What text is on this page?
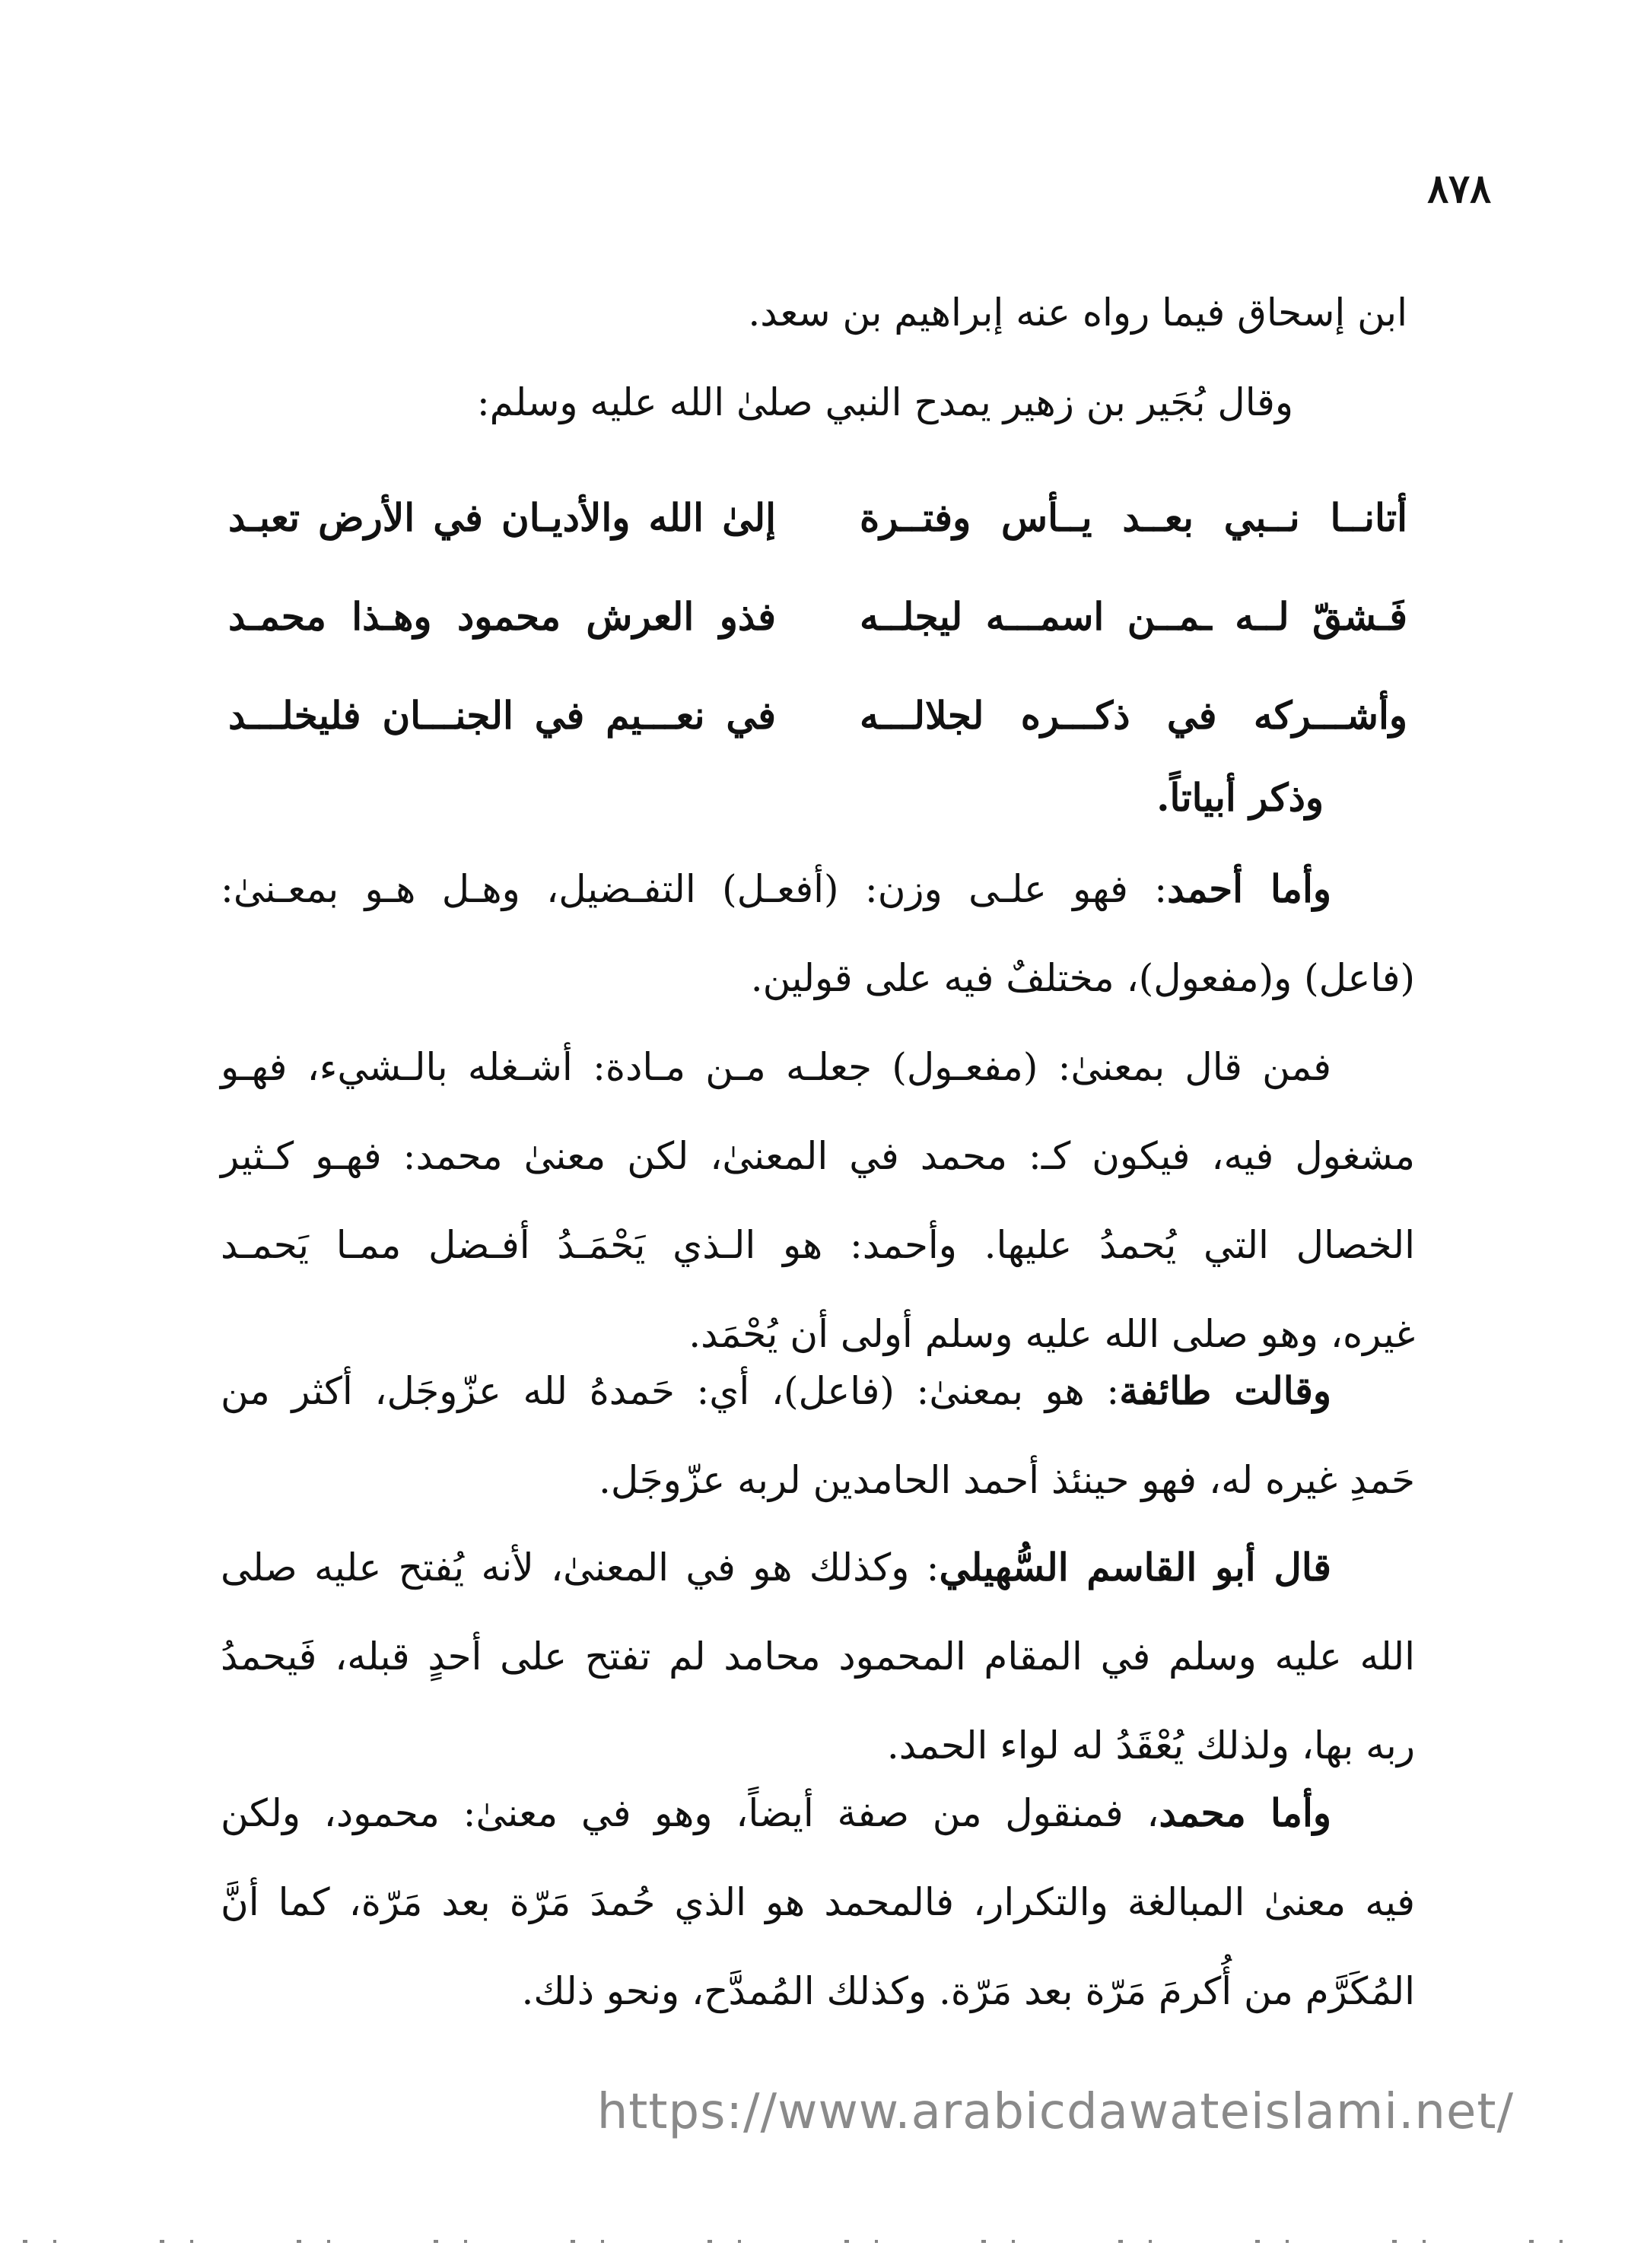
٨٧٨
ابن إسحاق فيما رواه عنه إبراهيم بن سعد.
وقال بُجَير بن زهير يمدح النبي صلىٰ الله عليه وسلم:
أتانــا نــبي بعــد يــأس وفتــرة
إلىٰ الله والأديـان في الأرض تعبـد
فَـشقّ لــه ـمــن اسمـــه ليجلــه
فذو العرش محمود وهـذا محمـد
وأشـــركه في ذكـــره لجلالـــه
في نعـــيم في الجنـــان فليخلـــد
وذكر أبياتاً.
وأما أحمد: فهو علـى وزن: (أفعـل) التفـضيل، وهـل هـو بمعـنىٰ:
(فاعل) و(مفعول)، مختلفٌ فيه على قولين.
فمن قال بمعنىٰ: (مفعـول) جعلـه مـن مـادة: أشـغله بالـشيء، فهـو
مشغول فيه، فيكون كـ: محمد في المعنىٰ، لكن معنىٰ محمد: فهـو كـثير
الخصال التي يُحمدُ عليها. وأحمد: هو الـذي يَحْمَـدُ أفـضل ممـا يَحمـد
غيره، وهو صلى الله عليه وسلم أولى أن يُحْمَد.
وقالت طائفة: هو بمعنىٰ: (فاعل)، أي: حَمدهُ لله عزّوجَل، أكثر من
حَمدِ غيره له، فهو حينئذ أحمد الحامدين لربه عزّوجَل.
قال أبو القاسم السُّهيلي: وكذلك هو في المعنىٰ، لأنه يُفتح عليه صلى
الله عليه وسلم في المقام المحمود محامد لم تفتح على أحدٍ قبله، فَيحمدُ
ربه بها، ولذلك يُعْقَدُ له لواء الحمد.
وأما محمد، فمنقول من صفة أيضاً، وهو في معنىٰ: محمود، ولكن
فيه معنىٰ المبالغة والتكرار، فالمحمد هو الذي حُمدَ مَرّة بعد مَرّة، كما أنَّ
المُكَرَّم من أُكرمَ مَرّة بعد مَرّة. وكذلك المُمدَّح، ونحو ذلك.
https://www.arabicdawateislami.net/
